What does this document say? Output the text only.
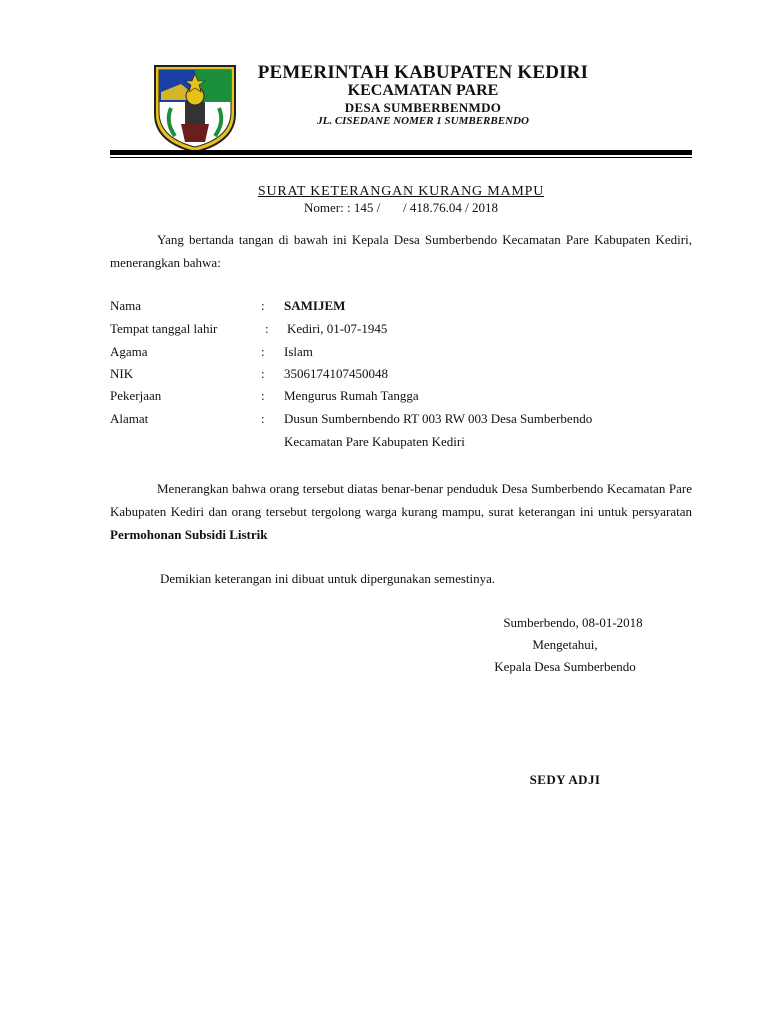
PEMERINTAH KABUPATEN KEDIRI
KECAMATAN PARE
DESA SUMBERBENMDO
JL. CISEDANE NOMER 1 SUMBERBENDO
SURAT KETERANGAN KURANG MAMPU
Nomer: : 145 /       / 418.76.04 / 2018
Yang bertanda tangan di bawah ini Kepala Desa Sumberbendo Kecamatan Pare Kabupaten Kediri, menerangkan bahwa:
Nama	: SAMIJEM
Tempat tanggal lahir	: Kediri, 01-07-1945
Agama	: Islam
NIK	: 3506174107450048
Pekerjaan	: Mengurus Rumah Tangga
Alamat	: Dusun Sumbernbendo RT 003 RW 003 Desa Sumberbendo
Kecamatan Pare Kabupaten Kediri
Menerangkan bahwa orang tersebut diatas benar-benar penduduk Desa Sumberbendo Kecamatan Pare Kabupaten Kediri dan orang tersebut tergolong warga kurang mampu, surat keterangan ini untuk persyaratan Permohonan Subsidi Listrik
Demikian keterangan ini dibuat untuk dipergunakan semestinya.
Sumberbendo, 08-01-2018
Mengetahui,
Kepala Desa Sumberbendo
SEDY ADJI
